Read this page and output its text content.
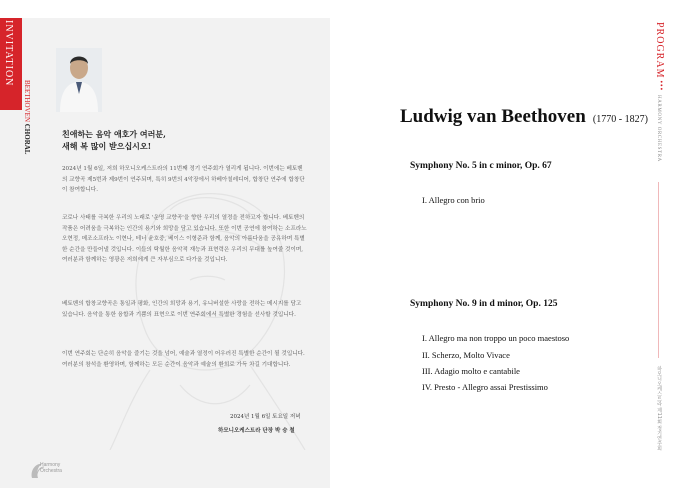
INVITATION
BEETHOVEN CHORAL	친애하는 음악 애호가 여러분,
새해 복 많이 받으십시오!
2024년 1월 6일, 저희 하모니오케스트라의 11번째 정기 연주회가 열리게 됩니다. 이번에는 베토벤의 교향곡 제5번과 제9번이 연주되며, 특히 9번의 4악장에서 하베아칠레디어, 합창단 연주에 합창단이 참여합니다.
코로나 사태를 극복한 우리의 노래로 '운명 교향곡'을 향한 우리의 열정을 전하고자 합니다. 베토벤의 작품은 어려움을 극복하는 인간의 용기와 희망을 담고 있습니다. 또한 이번 공연에 참여하는 소프라노 오현정, 메조소프라노 이현나, 테너 윤호중, 베이스 이형준과 함께, 음악의 아름다움을 공유하며 특별한 순간을 만들어낼 것입니다. 이들의 탁월한 음악적 재능과 표현력은 우리의 무대를 높여줄 것이며, 여러분과 함께하는 영광은 저희에게 큰 자부심으로 다가올 것입니다.
베토벤의 합창교향곡은 통일과 평화, 인간의 희망과 용기, 유니버설한 사랑을 전하는 메시지를 담고 있습니다. 음악을 통한 융합과 기쁨의 표현으로 이번 연주회에서 특별한 경험을 선사할 것입니다.
이번 연주회는 단순히 음악을 즐기는 것을 넘어, 예술과 열정이 어우러진 특별한 순간이 될 것입니다. 여러분의 참석을 환영하며, 함께하는 모든 순간이 음악과 예술의 환희로 가득 차길 기대합니다.
2024년 1월 6일 토요일 저녁
하모니오케스트라 단장 박 승 철
Harmony
Orchestra
Ludwig van Beethoven (1770 - 1827)
Symphony No. 5 in c minor, Op. 67
I. Allegro con brio
Symphony No. 9 in d minor, Op. 125
I. Allegro ma non troppo un poco maestoso
II. Scherzo, Molto Vivace
III. Adagio molto e cantabile
IV. Presto - Allegro assai Prestissimo
PROGRAM
•••
HARMONY ORCHESTRA
하모니오케스트라 제11회 정기연주회
